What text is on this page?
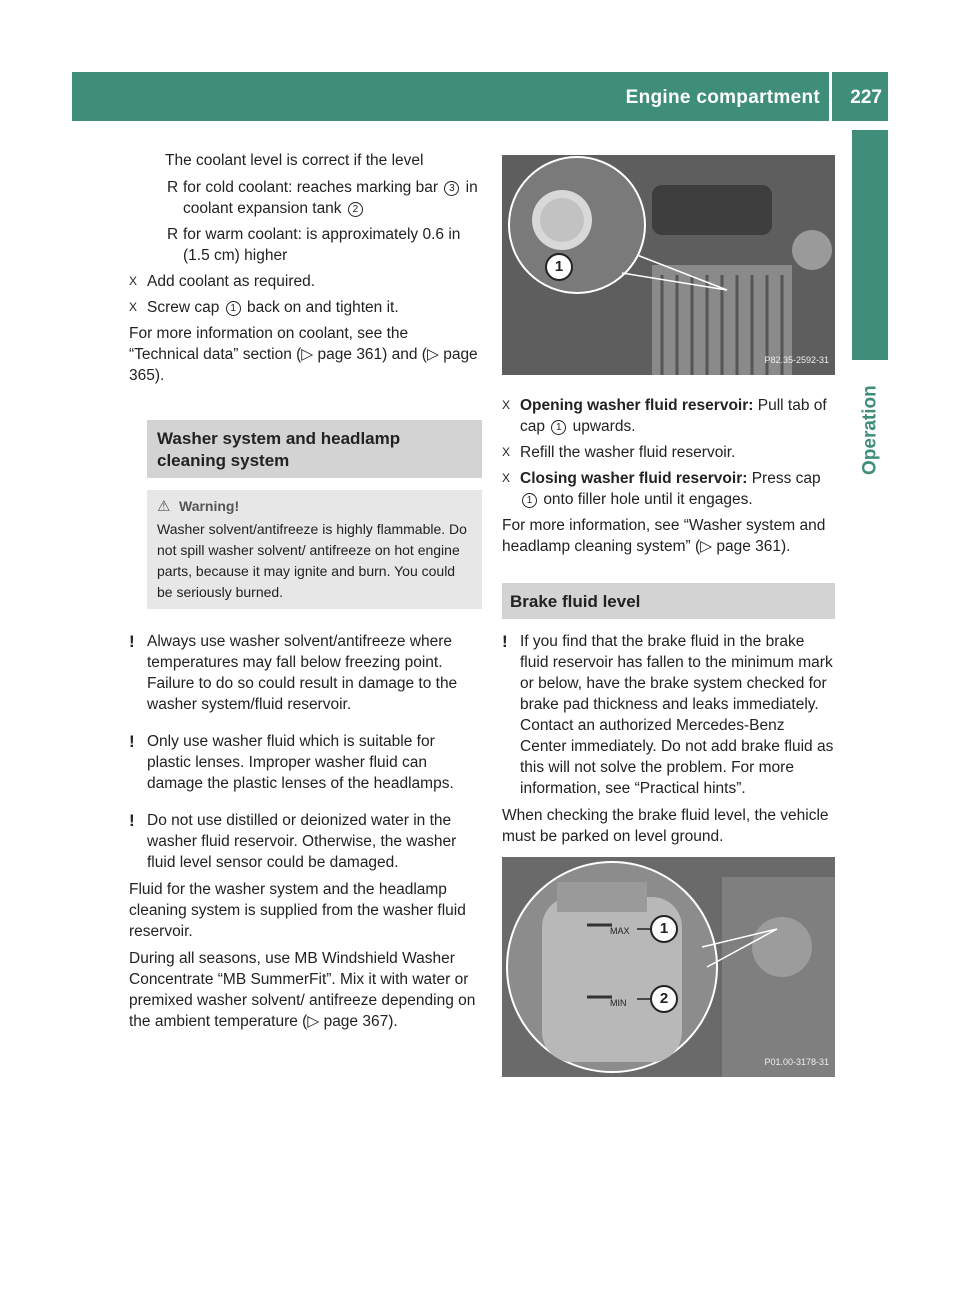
Engine compartment 227
Operation

The coolant level is correct if the level

R for cold coolant: reaches marking bar 3 in coolant expansion tank 2
R for warm coolant: is approximately 0.6 in (1.5 cm) higher
X Add coolant as required.
X Screw cap 1 back on and tighten it.

For more information on coolant, see the “Technical data” section (▷ page 361) and (▷ page 365).

Washer system and headlamp cleaning system
⚠ Warning!
Washer solvent/antifreeze is highly flammable. Do not spill washer solvent/ antifreeze on hot engine parts, because it may ignite and burn. You could be seriously burned.
! Always use washer solvent/antifreeze where temperatures may fall below freezing point. Failure to do so could result in damage to the washer system/fluid reservoir.
! Only use washer fluid which is suitable for plastic lenses. Improper washer fluid can damage the plastic lenses of the headlamps.
! Do not use distilled or deionized water in the washer fluid reservoir. Otherwise, the washer fluid level sensor could be damaged.

Fluid for the washer system and the headlamp cleaning system is supplied from the washer fluid reservoir.

During all seasons, use MB Windshield Washer Concentrate “MB SummerFit”. Mix it with water or premixed washer solvent/ antifreeze depending on the ambient temperature (▷ page 367).

1
P82.35-2592-31
X Opening washer fluid reservoir: Pull tab of cap 1 upwards.
X Refill the washer fluid reservoir.
X Closing washer fluid reservoir: Press cap 1 onto filler hole until it engages.

For more information, see “Washer system and headlamp cleaning system” (▷ page 361).

Brake fluid level
! If you find that the brake fluid in the brake fluid reservoir has fallen to the minimum mark or below, have the brake system checked for brake pad thickness and leaks immediately. Contact an authorized Mercedes-Benz Center immediately. Do not add brake fluid as this will not solve the problem. For more information, see “Practical hints”.

When checking the brake fluid level, the vehicle must be parked on level ground.

MAX
MIN
1
2
P01.00-3178-31
